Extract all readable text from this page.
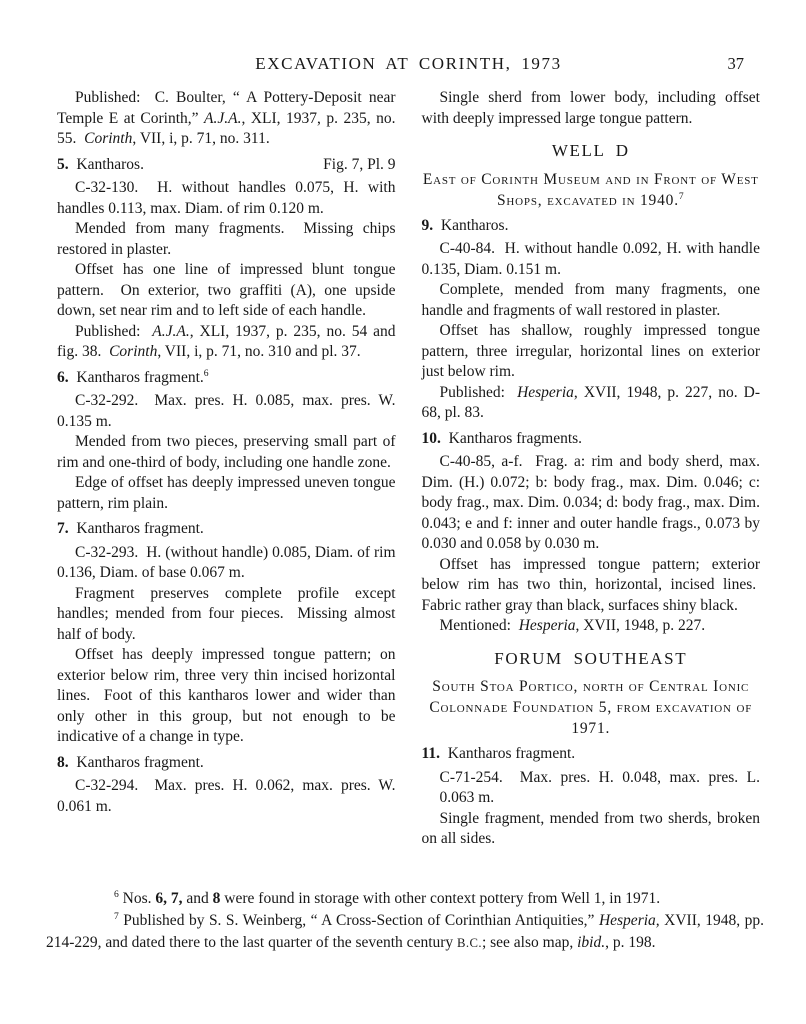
EXCAVATION AT CORINTH, 1973	37

Published:  C. Boulter, “ A Pottery-Deposit near Temple E at Corinth,” A.J.A., XLI, 1937, p. 235, no. 55.  Corinth, VII, i, p. 71, no. 311.

5.  Kantharos.	Fig. 7, Pl. 9

C-32-130.  H. without handles 0.075, H. with handles 0.113, max. Diam. of rim 0.120 m.

Mended from many fragments.  Missing chips restored in plaster.

Offset has one line of impressed blunt tongue pattern.  On exterior, two graffiti (A), one upside down, set near rim and to left side of each handle.

Published:  A.J.A., XLI, 1937, p. 235, no. 54 and fig. 38.  Corinth, VII, i, p. 71, no. 310 and pl. 37.

6.  Kantharos fragment.$^6$

C-32-292.  Max. pres. H. 0.085, max. pres. W. 0.135 m.

Mended from two pieces, preserving small part of rim and one-third of body, including one handle zone.

Edge of offset has deeply impressed uneven tongue pattern, rim plain.

7.  Kantharos fragment.

C-32-293.  H. (without handle) 0.085, Diam. of rim 0.136, Diam. of base 0.067 m.

Fragment preserves complete profile except handles; mended from four pieces.  Missing almost half of body.

Offset has deeply impressed tongue pattern; on exterior below rim, three very thin incised horizontal lines.  Foot of this kantharos lower and wider than only other in this group, but not enough to be indicative of a change in type.

8.  Kantharos fragment.

C-32-294.  Max. pres. H. 0.062, max. pres. W. 0.061 m.

Single sherd from lower body, including offset with deeply impressed large tongue pattern.

WELL D

East of Corinth Museum and in Front of West Shops, excavated in 1940.$^7$

9.  Kantharos.

C-40-84.  H. without handle 0.092, H. with handle 0.135, Diam. 0.151 m.

Complete, mended from many fragments, one handle and fragments of wall restored in plaster.

Offset has shallow, roughly impressed tongue pattern, three irregular, horizontal lines on exterior just below rim.

Published:  Hesperia, XVII, 1948, p. 227, no. D-68, pl. 83.

10.  Kantharos fragments.

C-40-85, a-f.  Frag. a: rim and body sherd, max. Dim. (H.) 0.072; b: body frag., max. Dim. 0.046; c: body frag., max. Dim. 0.034; d: body frag., max. Dim. 0.043; e and f: inner and outer handle frags., 0.073 by 0.030 and 0.058 by 0.030 m.

Offset has impressed tongue pattern; exterior below rim has two thin, horizontal, incised lines.  Fabric rather gray than black, surfaces shiny black.

Mentioned:  Hesperia, XVII, 1948, p. 227.

FORUM SOUTHEAST

South Stoa Portico, north of Central Ionic Colonnade Foundation 5, from excavation of 1971.

11.  Kantharos fragment.

C-71-254.  Max. pres. H. 0.048, max. pres. L. 0.063 m.

Single fragment, mended from two sherds, broken on all sides.

$^6$ Nos. 6, 7, and 8 were found in storage with other context pottery from Well 1, in 1971.

$^7$ Published by S. S. Weinberg, “ A Cross-Section of Corinthian Antiquities,” Hesperia, XVII, 1948, pp. 214-229, and dated there to the last quarter of the seventh century B.C.; see also map, ibid., p. 198.
